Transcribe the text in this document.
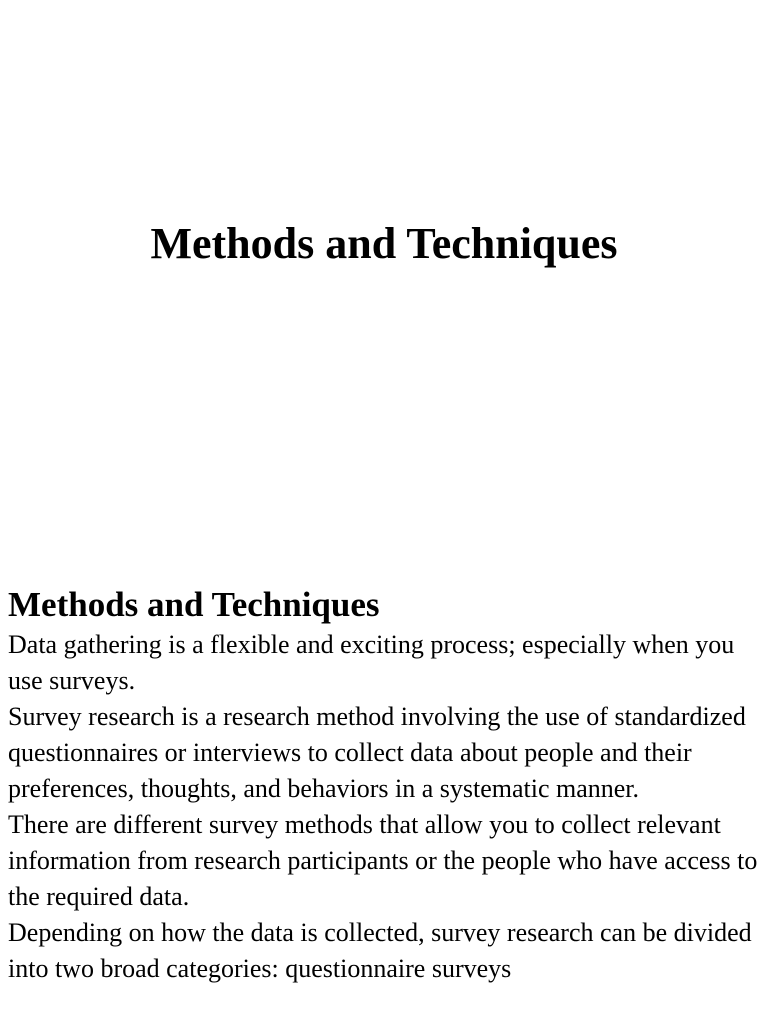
Methods and Techniques
Methods and Techniques

Data gathering is a flexible and exciting process; especially when you use surveys.

Survey research is a research method involving the use of standardized questionnaires or interviews to collect data about people and their preferences, thoughts, and behaviors in a systematic manner.

There are different survey methods that allow you to collect relevant information from research participants or the people who have access to the required data.

Depending on how the data is collected, survey research can be divided into two broad categories: questionnaire surveys
